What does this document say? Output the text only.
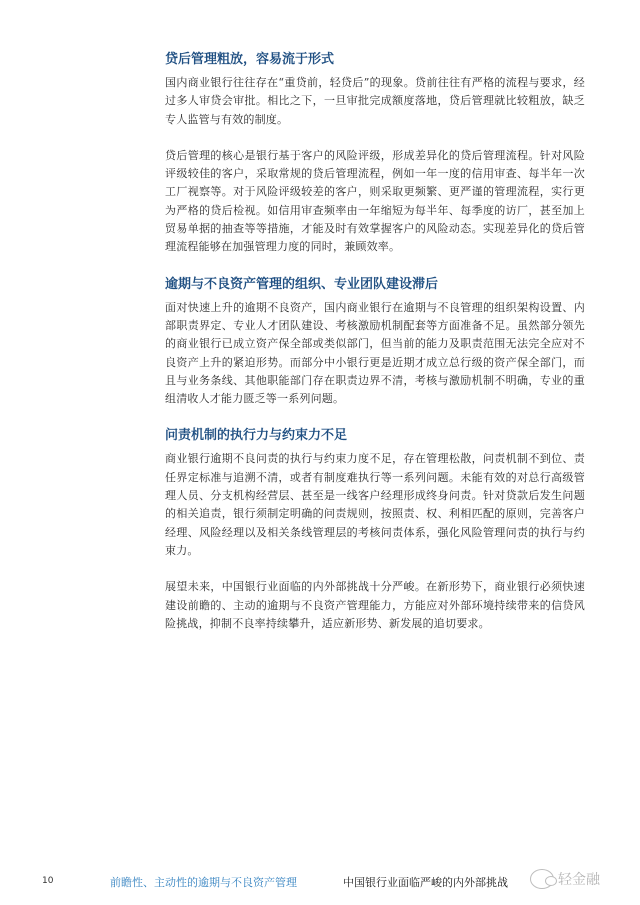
贷后管理粗放，容易流于形式

国内商业银行往往存在“重贷前，轻贷后”的现象。贷前往往有严格的流程与要求，经过多人审贷会审批。相比之下，一旦审批完成额度落地，贷后管理就比较粗放，缺乏专人监管与有效的制度。

贷后管理的核心是银行基于客户的风险评级，形成差异化的贷后管理流程。针对风险评级较佳的客户，采取常规的贷后管理流程，例如一年一度的信用审查、每半年一次工厂视察等。对于风险评级较差的客户，则采取更频繁、更严谨的管理流程，实行更为严格的贷后检视。如信用审查频率由一年缩短为每半年、每季度的访厂，甚至加上贸易单据的抽查等等措施，才能及时有效掌握客户的风险动态。实现差异化的贷后管理流程能够在加强管理力度的同时，兼顾效率。

逾期与不良资产管理的组织、专业团队建设滞后

面对快速上升的逾期不良资产，国内商业银行在逾期与不良管理的组织架构设置、内部职责界定、专业人才团队建设、考核激励机制配套等方面准备不足。虽然部分领先的商业银行已成立资产保全部或类似部门，但当前的能力及职责范围无法完全应对不良资产上升的紧迫形势。而部分中小银行更是近期才成立总行级的资产保全部门，而且与业务条线、其他职能部门存在职责边界不清，考核与激励机制不明确，专业的重组清收人才能力匮乏等一系列问题。

问责机制的执行力与约束力不足

商业银行逾期不良问责的执行与约束力度不足，存在管理松散，问责机制不到位、责任界定标准与追溯不清，或者有制度难执行等一系列问题。未能有效的对总行高级管理人员、分支机构经营层、甚至是一线客户经理形成终身问责。针对贷款后发生问题的相关追责，银行须制定明确的问责规则，按照责、权、利相匹配的原则，完善客户经理、风险经理以及相关条线管理层的考核问责体系，强化风险管理问责的执行与约束力。

展望未来，中国银行业面临的内外部挑战十分严峻。在新形势下，商业银行必须快速建设前瞻的、主动的逾期与不良资产管理能力，方能应对外部环境持续带来的信贷风险挑战，抑制不良率持续攀升，适应新形势、新发展的追切要求。

10	前瞻性、主动性的逾期与不良资产管理	中国银行业面临严峻的内外部挑战	轻金融
